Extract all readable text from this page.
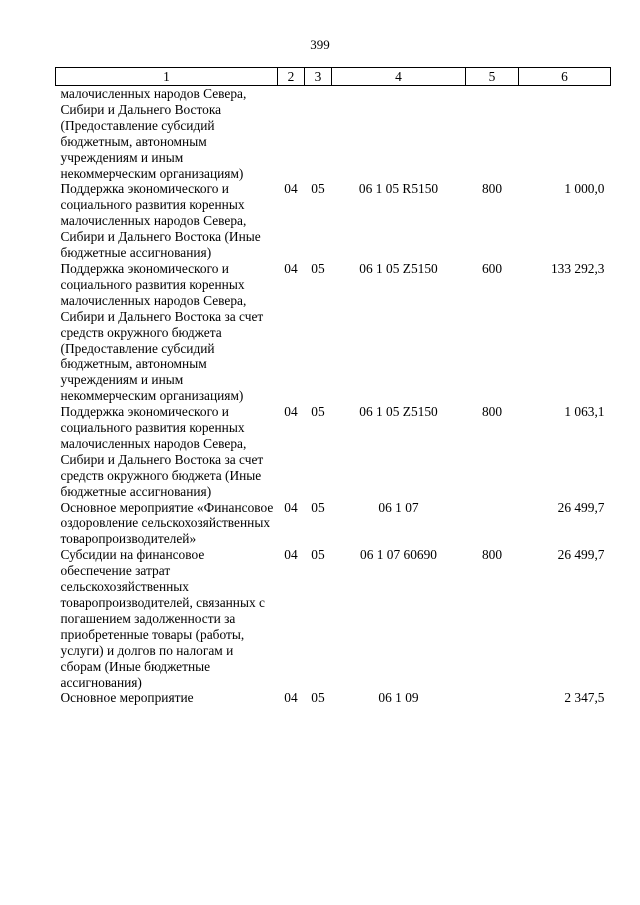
399
1	2	3	4	5	6
малочисленных народов Севера, Сибири и Дальнего Востока (Предоставление субсидий бюджетным, автономным учреждениям и иным некоммерческим организациям)					
Поддержка экономического и социального развития коренных малочисленных народов Севера, Сибири и Дальнего Востока (Иные бюджетные ассигнования)	04	05	06 1 05 R5150	800	1 000,0
Поддержка экономического и социального развития коренных малочисленных народов Севера, Сибири и Дальнего Востока за счет средств окружного бюджета (Предоставление субсидий бюджетным, автономным учреждениям и иным некоммерческим организациям)	04	05	06 1 05 Z5150	600	133 292,3
Поддержка экономического и социального развития коренных малочисленных народов Севера, Сибири и Дальнего Востока за счет средств окружного бюджета (Иные бюджетные ассигнования)	04	05	06 1 05 Z5150	800	1 063,1
Основное мероприятие «Финансовое оздоровление сельскохозяйственных товаропроизводителей»	04	05	06 1 07		26 499,7
Субсидии на финансовое обеспечение затрат сельскохозяйственных товаропроизводителей, связанных с погашением задолженности за приобретенные товары (работы, услуги) и долгов по налогам и сборам (Иные бюджетные ассигнования)	04	05	06 1 07 60690	800	26 499,7
Основное мероприятие	04	05	06 1 09		2 347,5
